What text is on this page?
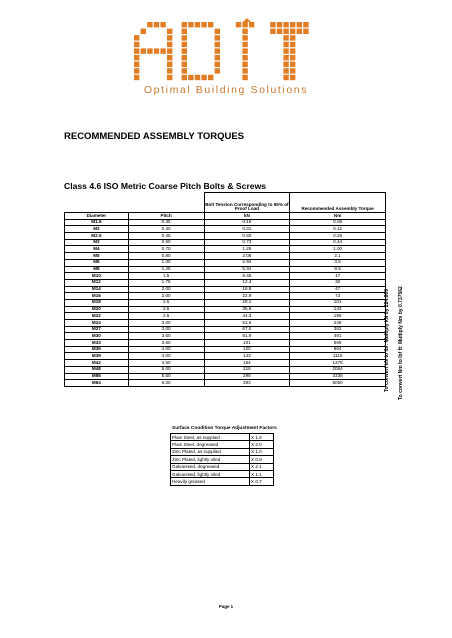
Optimal Building Solutions
RECOMMENDED ASSEMBLY TORQUES
Class 4.6 ISO Metric Coarse Pitch Bolts & Screws
		Bolt Tension Corresponding to 65% of Proof Load	Recommended Assembly Torque
Diameter	Pitch	kN	Nm
M1.6	0.35	0.19	0.06
M2	0.40	0.31	0.12
M2.5	0.45	0.50	0.25
M3	0.50	0.73	0.44
M4	0.70	1.29	1.00
M5	0.80	2.08	2.1
M6	1.00	2.94	3.5
M8	1.25	5.34	8.5
M10	1.5	8.45	17
M12	1.75	12.4	30
M14	2.00	16.8	47
M16	2.00	22.9	73
M18	2.5	28.1	101
M20	2.5	35.8	143
M22	2.5	44.3	195
M24	3.00	51.6	248
M27	3.00	67.0	362
M30	3.50	81.9	491
M33	3.50	101	669
M36	4.00	120	864
M39	4.00	143	1115
M42	4.50	164	1378
M48	5.00	215	2064
M56	5.50	298	3338
M64	6.00	393	5050	To convert kN to lbf: Multiply kN by 224.809 To convert Nm to lbf ft: Multiply Nm by 0.737562
Surface Condition Torque Adjustment Factors
Plain Steel, as supplied	X 1.0
Plain Steel, degreased	X 2.0
Zinc Plated, as supplied	X 1.0
Zinc Plated, lightly oiled	X 0.9
Galvanised, degreased	X 2.1
Galvanised, lightly oiled	X 1.1
Heavily greased	X 0.7
Page 1
